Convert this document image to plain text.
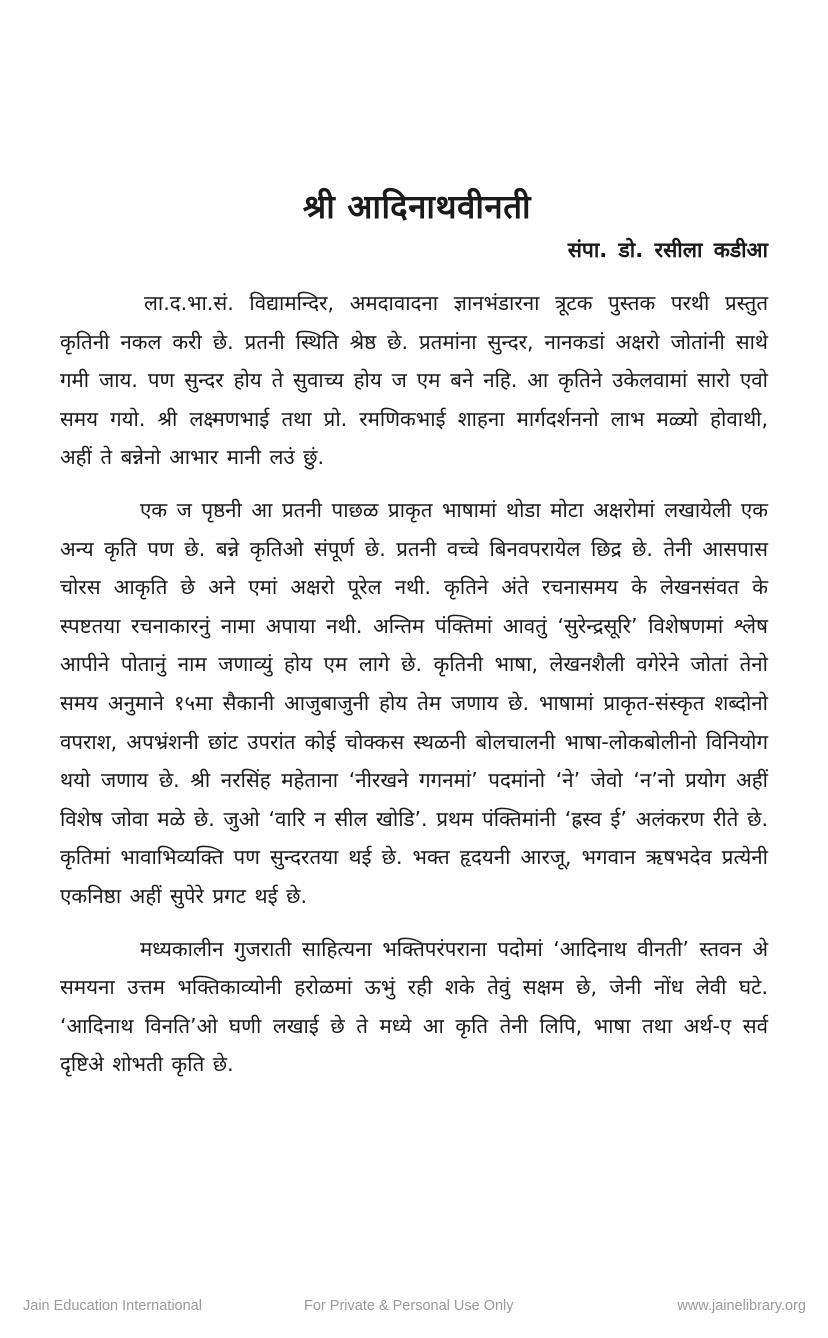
श्री आदिनाथवीनती

संपा. डो. रसीला कडीआ

ला.द.भा.सं. विद्यामन्दिर, अमदावादना ज्ञानभंडारना त्रूटक पुस्तक परथी प्रस्तुत कृतिनी नकल करी छे. प्रतनी स्थिति श्रेष्ठ छे. प्रतमांना सुन्दर, नानकडां अक्षरो जोतांनी साथे गमी जाय. पण सुन्दर होय ते सुवाच्य होय ज एम बने नहि. आ कृतिने उकेलवामां सारो एवो समय गयो. श्री लक्ष्मणभाई तथा प्रो. रमणिकभाई शाहना मार्गदर्शननो लाभ मळ्यो होवाथी, अहीं ते बन्नेनो आभार मानी लउं छुं.

एक ज पृष्ठनी आ प्रतनी पाछळ प्राकृत भाषामां थोडा मोटा अक्षरोमां लखायेली एक अन्य कृति पण छे. बन्ने कृतिओ संपूर्ण छे. प्रतनी वच्चे बिनवपरायेल छिद्र छे. तेनी आसपास चोरस आकृति छे अने एमां अक्षरो पूरेल नथी. कृतिने अंते रचनासमय के लेखनसंवत के स्पष्टतया रचनाकारनुं नामा अपाया नथी. अन्तिम पंक्तिमां आवतुं ‘सुरेन्द्रसूरि’ विशेषणमां श्लेष आपीने पोतानुं नाम जणाव्युं होय एम लागे छे. कृतिनी भाषा, लेखनशैली वगेरेने जोतां तेनो समय अनुमाने १५मा सैकानी आजुबाजुनी होय तेम जणाय छे. भाषामां प्राकृत-संस्कृत शब्दोनो वपराश, अपभ्रंशनी छांट उपरांत कोई चोक्कस स्थळनी बोलचालनी भाषा-लोकबोलीनो विनियोग थयो जणाय छे. श्री नरसिंह महेताना ‘नीरखने गगनमां’ पदमांनो ‘ने’ जेवो ‘न’नो प्रयोग अहीं विशेष जोवा मळे छे. जुओ ‘वारि न सील खोडि’. प्रथम पंक्तिमांनी ‘ह्रस्व ई’ अलंकरण रीते छे. कृतिमां भावाभिव्यक्ति पण सुन्दरतया थई छे. भक्त हृदयनी आरजू, भगवान ऋषभदेव प्रत्येनी एकनिष्ठा अहीं सुपेरे प्रगट थई छे.

मध्यकालीन गुजराती साहित्यना भक्तिपरंपराना पदोमां ‘आदिनाथ वीनती’ स्तवन अे समयना उत्तम भक्तिकाव्योनी हरोळमां ऊभुं रही शके तेवुं सक्षम छे, जेनी नोंध लेवी घटे. ‘आदिनाथ विनति’ओ घणी लखाई छे ते मध्ये आ कृति तेनी लिपि, भाषा तथा अर्थ-ए सर्व दृष्टिअे शोभती कृति छे.

Jain Education International	For Private & Personal Use Only	www.jainelibrary.org
